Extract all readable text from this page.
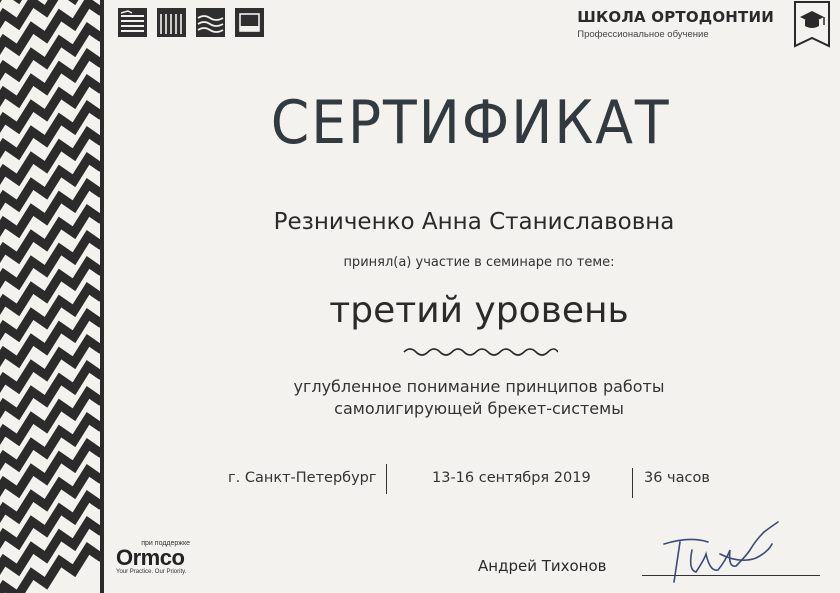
ШКОЛА ОРТОДОНТИИ
Профессиональное обучение
СЕРТИФИКАТ
Резниченко Анна Станиславовна
принял(а) участие в семинаре по теме:
третий уровень
углубленное понимание принципов работы
самолигирующей брекет-системы
г. Санкт-Петербург	13-16 сентября 2019	36 часов
при поддержке
Ormco
Your Practice. Our Priority.	Андрей Тихонов
